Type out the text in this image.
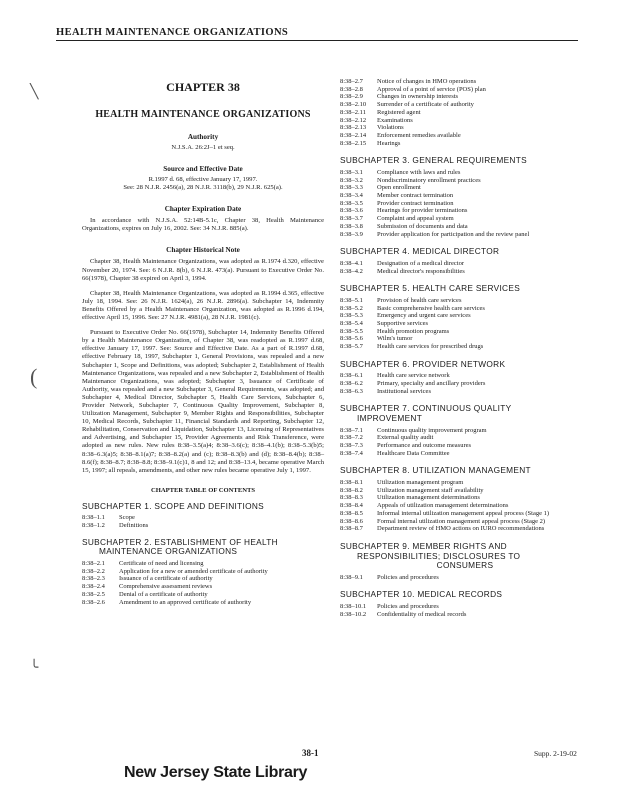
HEALTH MAINTENANCE ORGANIZATIONS
╲
(
╰
CHAPTER 38
HEALTH MAINTENANCE ORGANIZATIONS
Authority
N.J.S.A. 26:2J–1 et seq.
Source and Effective Date
R.1997 d. 68, effective January 17, 1997.
See: 28 N.J.R. 2456(a), 28 N.J.R. 3118(b), 29 N.J.R. 625(a).
Chapter Expiration Date
In accordance with N.J.S.A. 52:14B-5.1c, Chapter 38, Health Maintenance Organizations, expires on July 16, 2002. See: 34 N.J.R. 885(a).
Chapter Historical Note
Chapter 38, Health Maintenance Organizations, was adopted as R.1974 d.320, effective November 20, 1974. See: 6 N.J.R. 8(b), 6 N.J.R. 473(a). Pursuant to Executive Order No. 66(1978), Chapter 38 expired on April 3, 1994.
Chapter 38, Health Maintenance Organizations, was adopted as R.1994 d.365, effective July 18, 1994. See: 26 N.J.R. 1624(a), 26 N.J.R. 2896(a). Subchapter 14, Indemnity Benefits Offered by a Health Maintenance Organization, was adopted as R.1996 d.194, effective April 15, 1996. See: 27 N.J.R. 4981(a), 28 N.J.R. 1981(c).
Pursuant to Executive Order No. 66(1978), Subchapter 14, Indemnity Benefits Offered by a Health Maintenance Organization, of Chapter 38, was readopted as R.1997 d.68, effective January 17, 1997. See: Source and Effective Date. As a part of R.1997 d.68, effective February 18, 1997, Subchapter 1, General Provisions, was repealed and a new Subchapter 1, Scope and Definitions, was adopted; Subchapter 2, Establishment of Health Maintenance Organizations, was repealed and a new Subchapter 2, Establishment of Health Maintenance Organizations, was adopted; Subchapter 3, Issuance of Certificate of Authority, was repealed and a new Subchapter 3, General Requirements, was adopted; and Subchapter 4, Medical Director, Subchapter 5, Health Care Services, Subchapter 6, Provider Network, Subchapter 7, Continuous Quality Improvement, Subchapter 8, Utilization Management, Subchapter 9, Member Rights and Responsibilities, Subchapter 10, Medical Records, Subchapter 11, Financial Standards and Reporting, Subchapter 12, Rehabilitation, Conservation and Liquidation, Subchapter 13, Licensing of Representatives and Advertising, and Subchapter 15, Provider Agreements and Risk Transference, were adopted as new rules. New rules 8:38–3.5(a)4; 8:38–3.6(c); 8:38–4.1(b); 8:38–5.3(b)5; 8:38–6.3(a)5; 8:38–8.1(a)7; 8:38–8.2(a) and (c); 8:38–8.3(b) and (d); 8:38–8.4(b); 8:38–8.6(f); 8:38–8.7; 8:38–8.8; 8:38–9.1(c)1, 8 and 12; and 8:38–13.4, became operative March 15, 1997; all repeals, amendments, and other new rules became operative July 1, 1997.
CHAPTER TABLE OF CONTENTS
SUBCHAPTER 1. SCOPE AND DEFINITIONS
8:38–1.1	Scope
8:38–1.2	Definitions
SUBCHAPTER 2. ESTABLISHMENT OF HEALTH
MAINTENANCE ORGANIZATIONS
8:38–2.1	Certificate of need and licensing
8:38–2.2	Application for a new or amended certificate of authority
8:38–2.3	Issuance of a certificate of authority
8:38–2.4	Comprehensive assessment reviews
8:38–2.5	Denial of a certificate of authority
8:38–2.6	Amendment to an approved certificate of authority
8:38–2.7	Notice of changes in HMO operations
8:38–2.8	Approval of a point of service (POS) plan
8:38–2.9	Changes in ownership interests
8:38–2.10	Surrender of a certificate of authority
8:38–2.11	Registered agent
8:38–2.12	Examinations
8:38–2.13	Violations
8:38–2.14	Enforcement remedies available
8:38–2.15	Hearings
SUBCHAPTER 3. GENERAL REQUIREMENTS
8:38–3.1	Compliance with laws and rules
8:38–3.2	Nondiscriminatory enrollment practices
8:38–3.3	Open enrollment
8:38–3.4	Member contract termination
8:38–3.5	Provider contract termination
8:38–3.6	Hearings for provider terminations
8:38–3.7	Complaint and appeal system
8:38–3.8	Submission of documents and data
8:38–3.9	Provider application for participation and the review panel
SUBCHAPTER 4. MEDICAL DIRECTOR
8:38–4.1	Designation of a medical director
8:38–4.2	Medical director's responsibilities
SUBCHAPTER 5. HEALTH CARE SERVICES
8:38–5.1	Provision of health care services
8:38–5.2	Basic comprehensive health care services
8:38–5.3	Emergency and urgent care services
8:38–5.4	Supportive services
8:38–5.5	Health promotion programs
8:38–5.6	Wilm's tumor
8:38–5.7	Health care services for prescribed drugs
SUBCHAPTER 6. PROVIDER NETWORK
8:38–6.1	Health care service network
8:38–6.2	Primary, specialty and ancillary providers
8:38–6.3	Institutional services
SUBCHAPTER 7. CONTINUOUS QUALITY
IMPROVEMENT
8:38–7.1	Continuous quality improvement program
8:38–7.2	External quality audit
8:38–7.3	Performance and outcome measures
8:38–7.4	Healthcare Data Committee
SUBCHAPTER 8. UTILIZATION MANAGEMENT
8:38–8.1	Utilization management program
8:38–8.2	Utilization management staff availability
8:38–8.3	Utilization management determinations
8:38–8.4	Appeals of utilization management determinations
8:38–8.5	Informal internal utilization management appeal process (Stage 1)
8:38–8.6	Formal internal utilization management appeal process (Stage 2)
8:38–8.7	Department review of HMO actions on IURO recommendations
SUBCHAPTER 9. MEMBER RIGHTS AND
RESPONSIBILITIES; DISCLOSURES TO
CONSUMERS
8:38–9.1	Policies and procedures
SUBCHAPTER 10. MEDICAL RECORDS
8:38–10.1	Policies and procedures
8:38–10.2	Confidentiality of medical records
38-1	Supp. 2-19-02
New Jersey State Library
